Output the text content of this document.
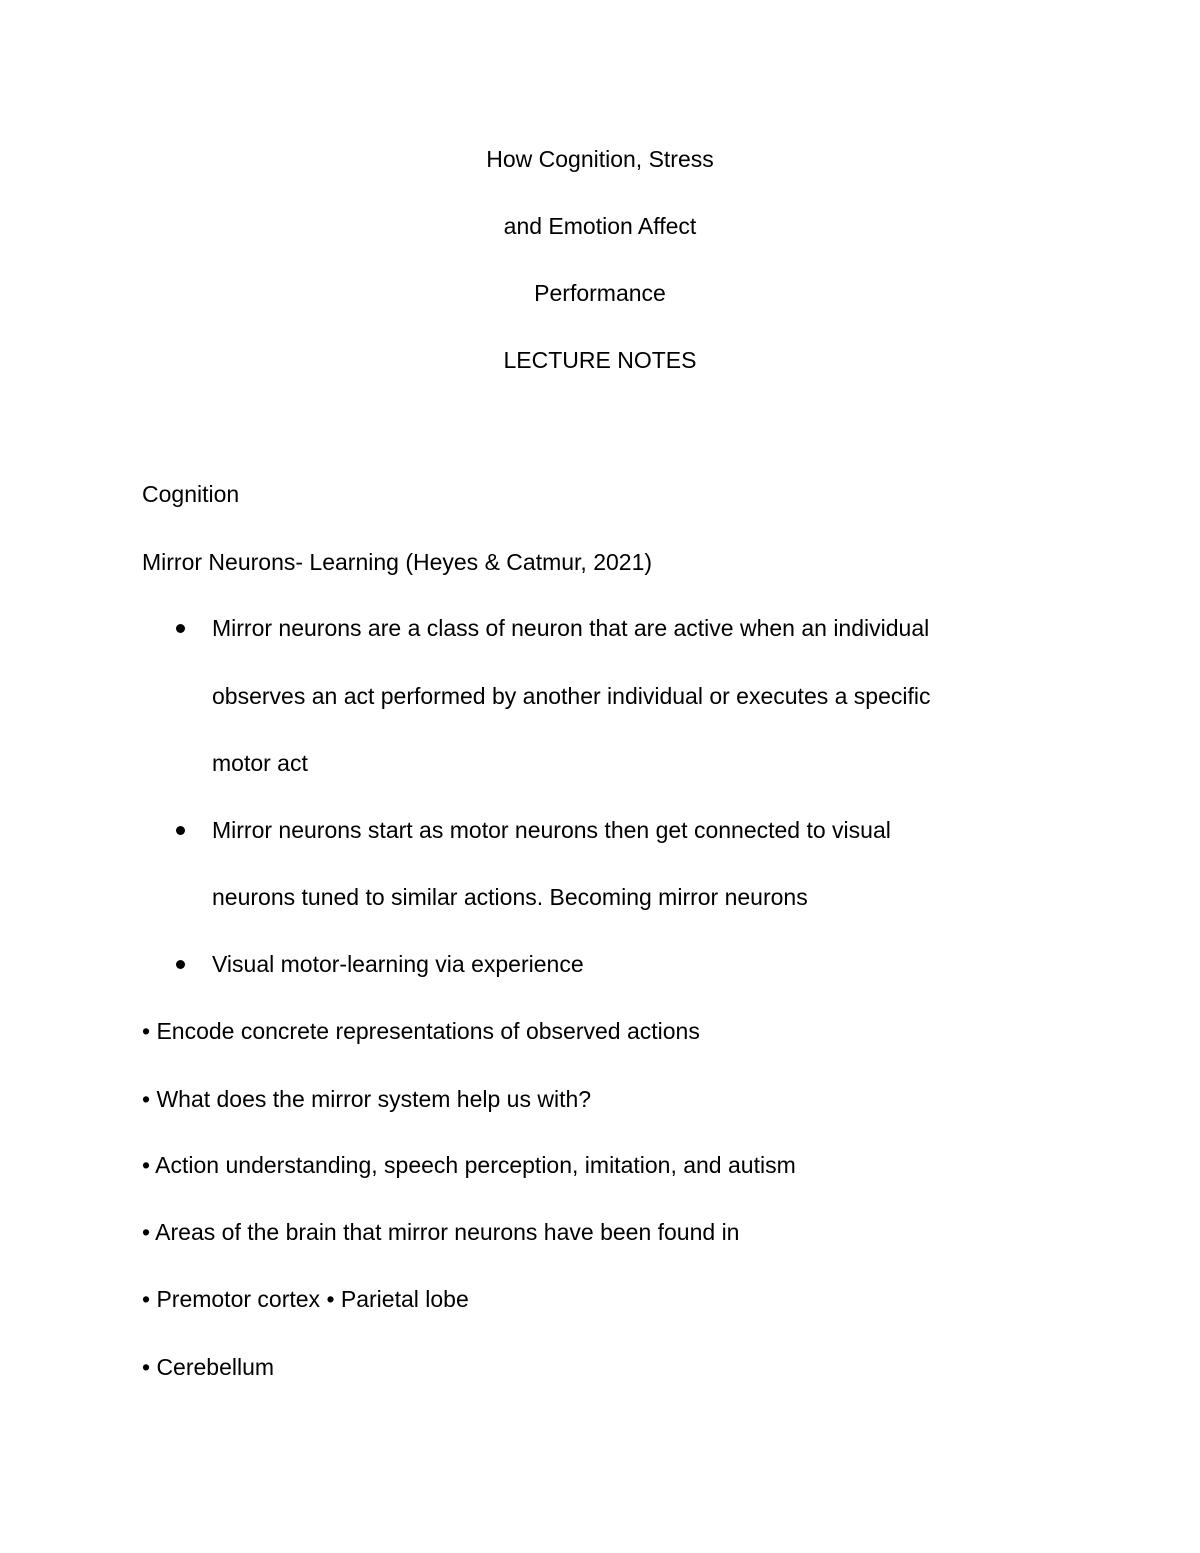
How Cognition, Stress
and Emotion Affect
Performance
LECTURE NOTES
Cognition
Mirror Neurons- Learning (Heyes & Catmur, 2021)
Mirror neurons are a class of neuron that are active when an individual
observes an act performed by another individual or executes a specific
motor act
Mirror neurons start as motor neurons then get connected to visual
neurons tuned to similar actions. Becoming mirror neurons
Visual motor-learning via experience
• Encode concrete representations of observed actions
• What does the mirror system help us with?
• Action understanding, speech perception, imitation, and autism
• Areas of the brain that mirror neurons have been found in
• Premotor cortex • Parietal lobe
• Cerebellum
